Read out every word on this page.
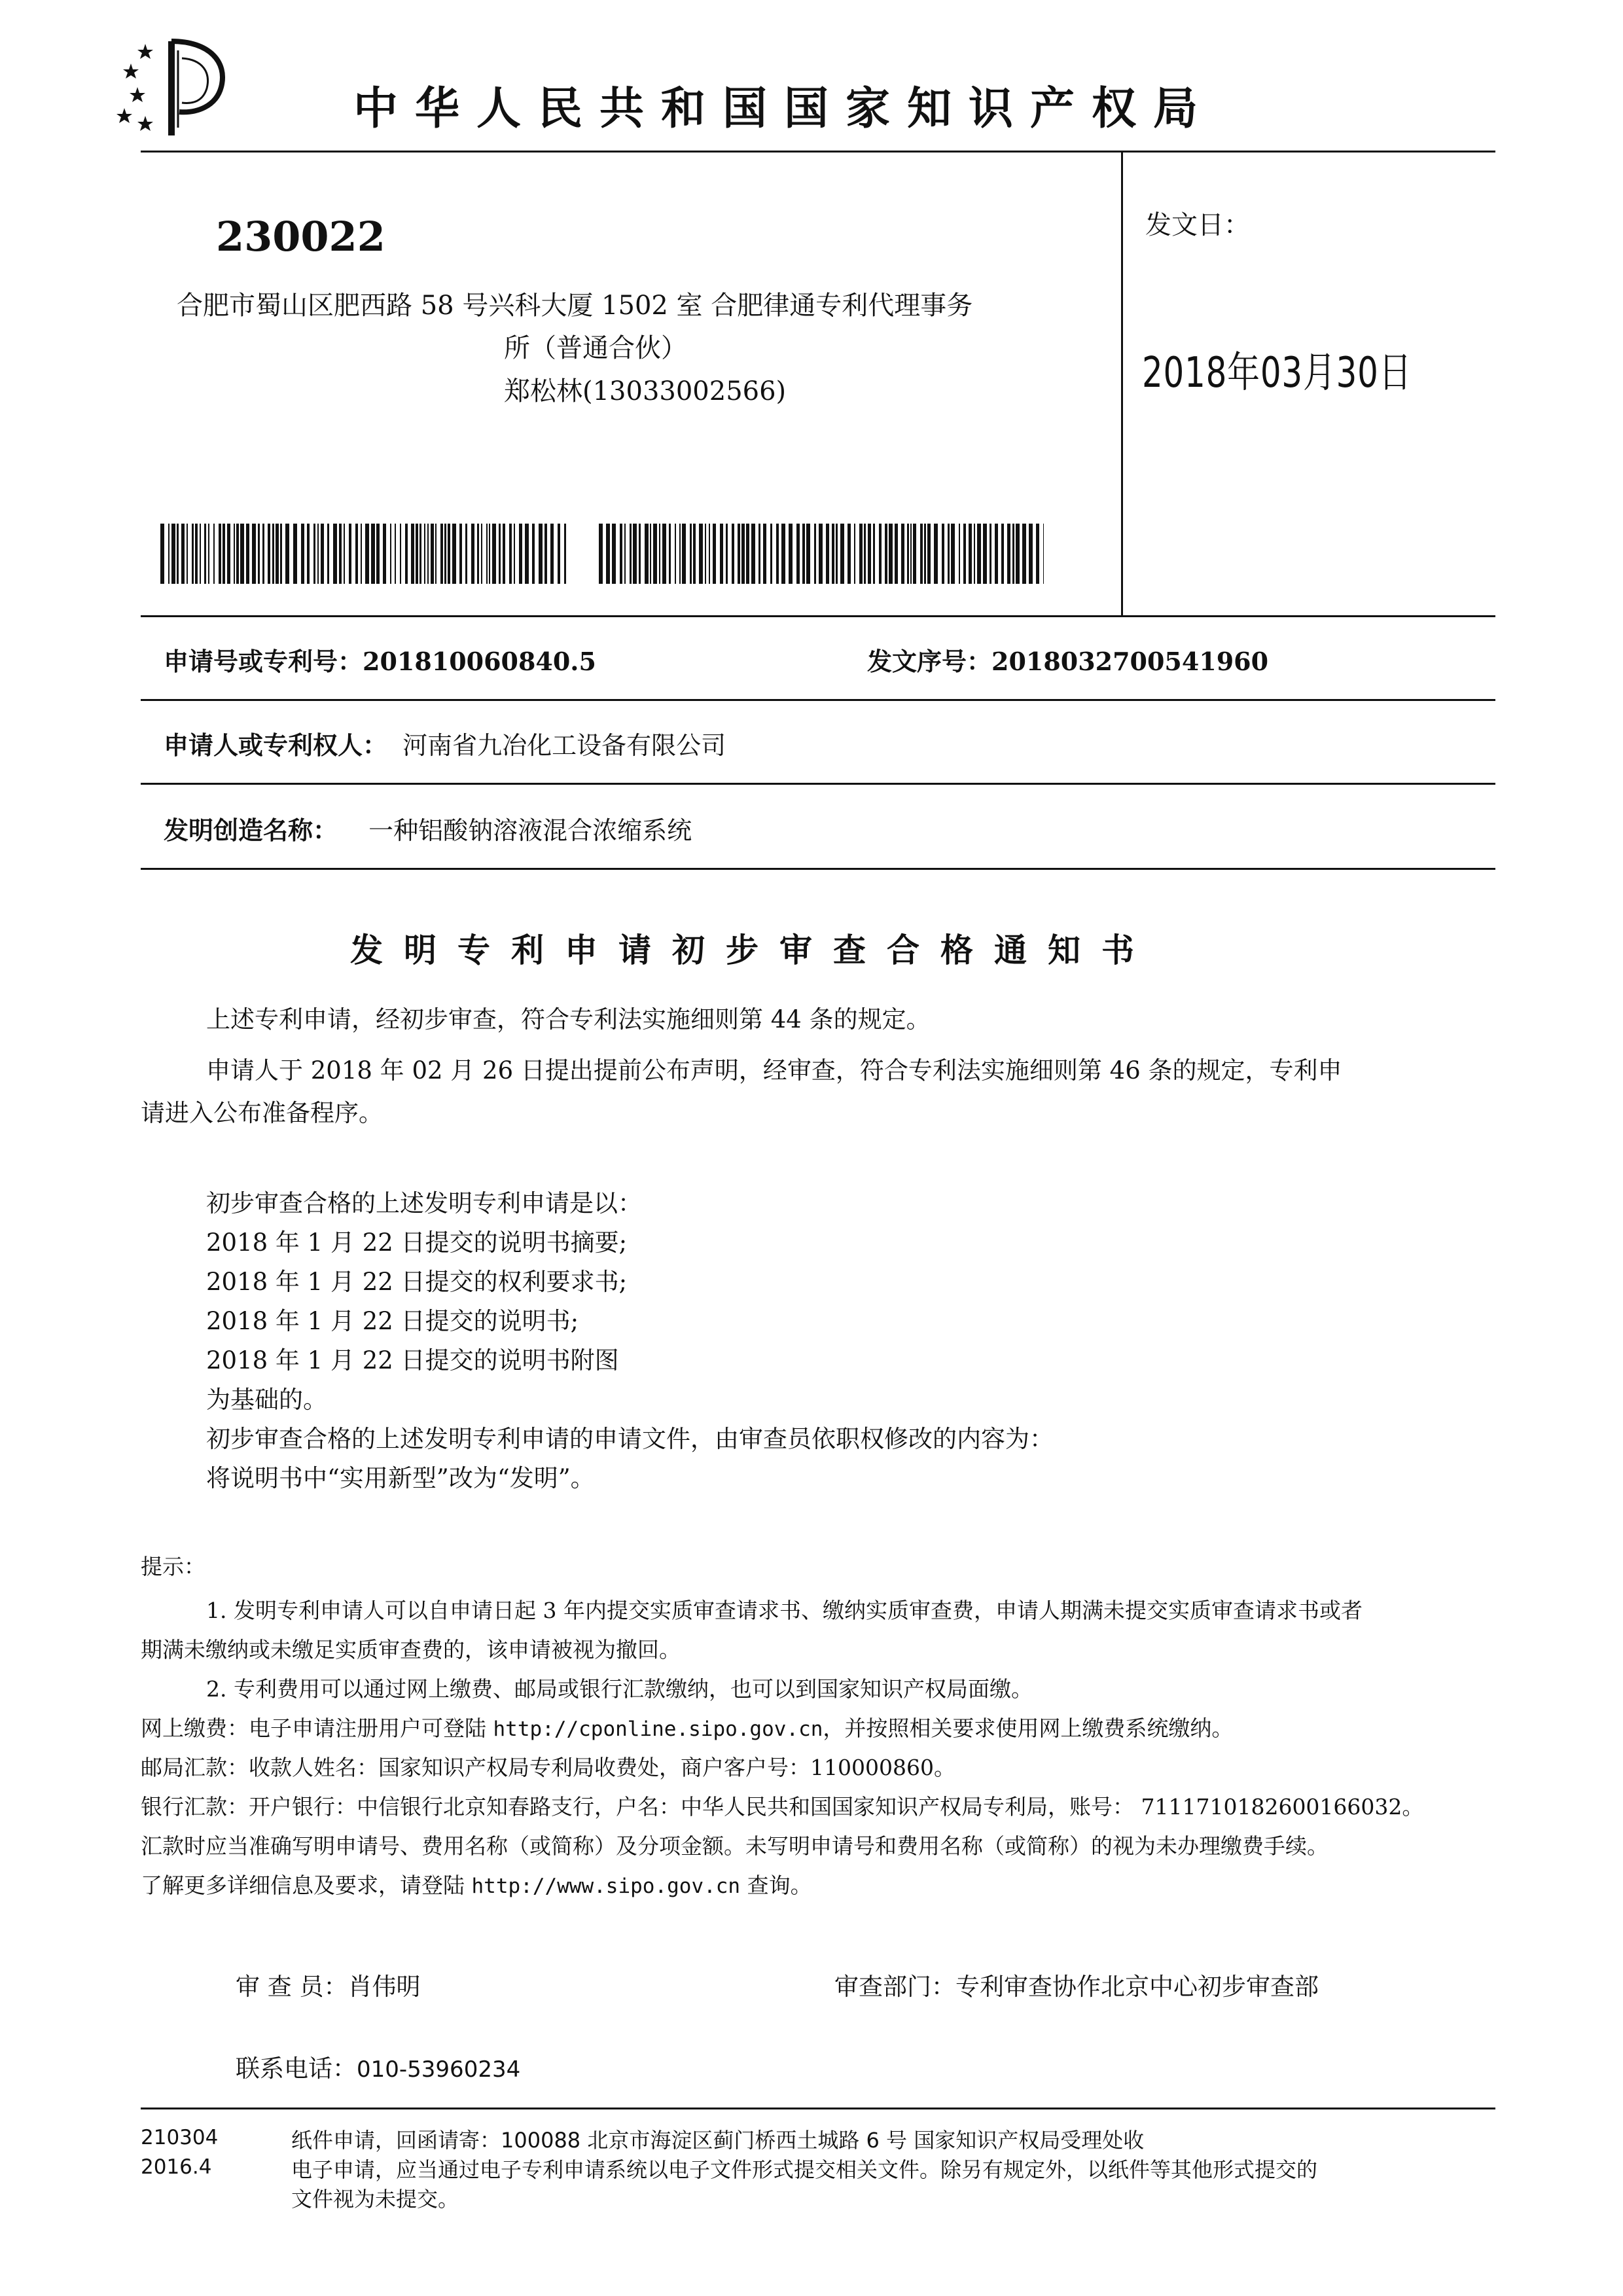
中华人民共和国国家知识产权局
230022
合肥市蜀山区肥西路 58 号兴科大厦 1502 室 合肥律通专利代理事务
所（普通合伙）
郑松林(13033002566)
发文日：
2018年03月30日
申请号或专利号：201810060840.5	发文序号：2018032700541960
申请人或专利权人： 河南省九冶化工设备有限公司
发明创造名称： 一种铝酸钠溶液混合浓缩系统
发明专利申请初步审查合格通知书
上述专利申请，经初步审查，符合专利法实施细则第 44 条的规定。
申请人于 2018 年 02 月 26 日提出提前公布声明，经审查，符合专利法实施细则第 46 条的规定，专利申
请进入公布准备程序。
初步审查合格的上述发明专利申请是以：
2018 年 1 月 22 日提交的说明书摘要;
2018 年 1 月 22 日提交的权利要求书;
2018 年 1 月 22 日提交的说明书;
2018 年 1 月 22 日提交的说明书附图
为基础的。
初步审查合格的上述发明专利申请的申请文件，由审查员依职权修改的内容为：
将说明书中“实用新型”改为“发明”。
提示：
1. 发明专利申请人可以自申请日起 3 年内提交实质审查请求书、缴纳实质审查费，申请人期满未提交实质审查请求书或者
期满未缴纳或未缴足实质审查费的，该申请被视为撤回。
2. 专利费用可以通过网上缴费、邮局或银行汇款缴纳，也可以到国家知识产权局面缴。
网上缴费：电子申请注册用户可登陆 http://cponline.sipo.gov.cn，并按照相关要求使用网上缴费系统缴纳。
邮局汇款：收款人姓名：国家知识产权局专利局收费处，商户客户号：110000860。
银行汇款：开户银行：中信银行北京知春路支行，户名：中华人民共和国国家知识产权局专利局，账号： 7111710182600166032。
汇款时应当准确写明申请号、费用名称（或简称）及分项金额。未写明申请号和费用名称（或简称）的视为未办理缴费手续。
了解更多详细信息及要求，请登陆 http://www.sipo.gov.cn 查询。
审 查 员：肖伟明	审查部门：专利审查协作北京中心初步审查部
联系电话：010-53960234
210304
2016.4
纸件申请，回函请寄：100088 北京市海淀区蓟门桥西土城路 6 号 国家知识产权局受理处收
电子申请，应当通过电子专利申请系统以电子文件形式提交相关文件。除另有规定外，以纸件等其他形式提交的
文件视为未提交。
